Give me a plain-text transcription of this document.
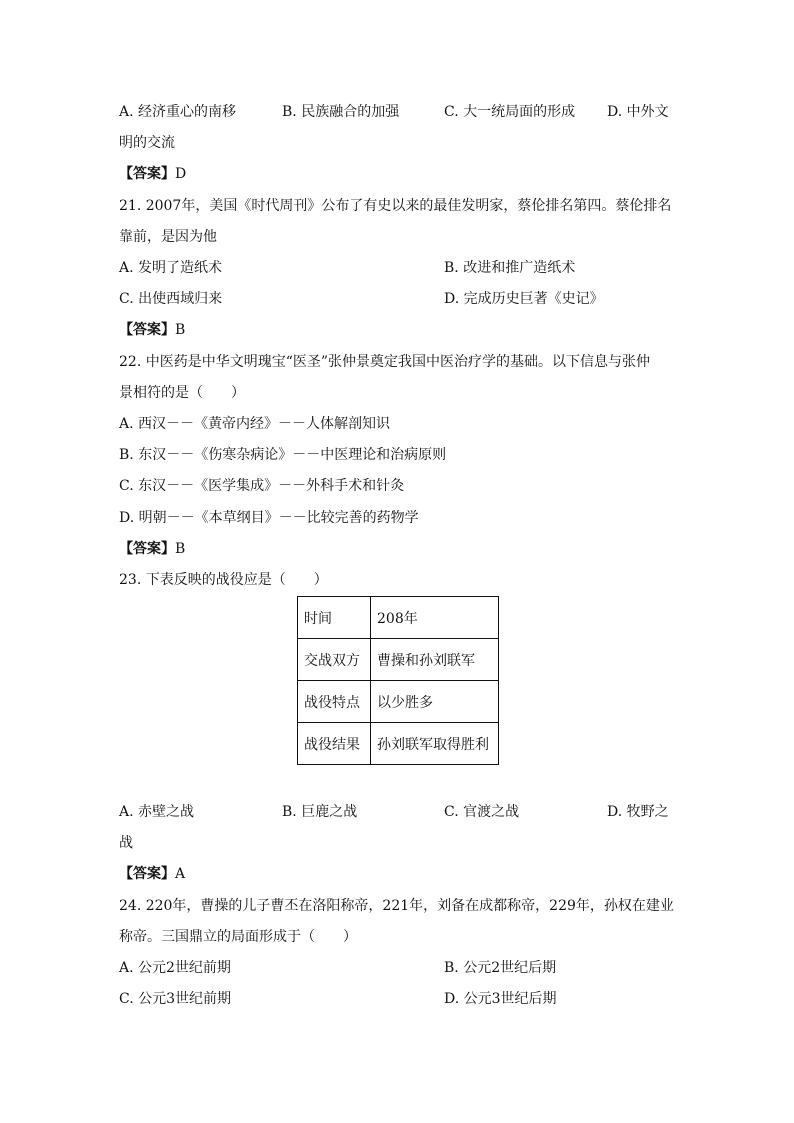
A. 经济重心的南移	B. 民族融合的加强	C. 大一统局面的形成 D. 中外文
明的交流
【答案】D
21. 2007年，美国《时代周刊》公布了有史以来的最佳发明家，蔡伦排名第四。蔡伦排名
靠前，是因为他
A. 发明了造纸术	B. 改进和推广造纸术
C. 出使西域归来	D. 完成历史巨著《史记》
【答案】B
22. 中医药是中华文明瑰宝“医圣”张仲景奠定我国中医治疗学的基础。以下信息与张仲
景相符的是（　　）
A. 西汉－－《黄帝内经》－－人体解剖知识
B. 东汉－－《伤寒杂病论》－－中医理论和治病原则
C. 东汉－－《医学集成》－－外科手术和针灸
D. 明朝－－《本草纲目》－－比较完善的药物学
【答案】B
23. 下表反映的战役应是（　　）
时间	208年
交战双方	曹操和孙刘联军
战役特点	以少胜多
战役结果	孙刘联军取得胜利
A. 赤壁之战	B. 巨鹿之战	C. 官渡之战	D. 牧野之
战
【答案】A
24. 220年，曹操的儿子曹丕在洛阳称帝，221年，刘备在成都称帝，229年，孙权在建业
称帝。三国鼎立的局面形成于（　　）
A. 公元2世纪前期	B. 公元2世纪后期
C. 公元3世纪前期	D. 公元3世纪后期
